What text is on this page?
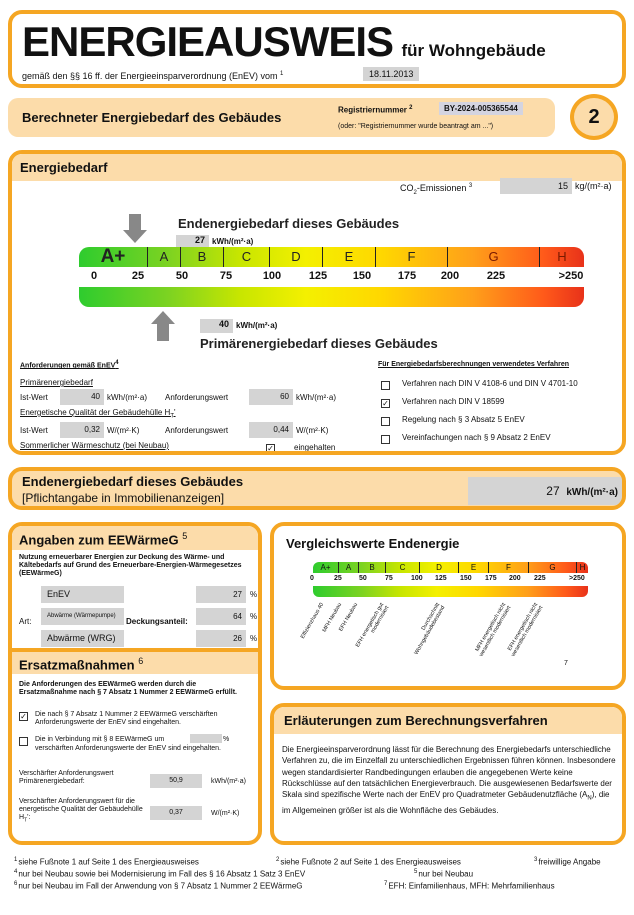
ENERGIEAUSWEIS für Wohngebäude
gemäß den §§ 16 ff. der Energieeinsparverordnung (EnEV) vom $^1$	18.11.2013
Berechneter Energiebedarf des Gebäudes	Registriernummer $^2$	BY-2024-005365544
(oder: "Registriernummer wurde beantragt am ...")	2
Energiebedarf
$CO_2$-Emissionen $^3$	15 kg/(m²·a)
Endenergiebedarf dieses Gebäudes
27 kWh/(m²·a)
A+	A	B	C	D	E	F	G	H
0	25	50	75	100	125 150 175 200	225	>250
40 kWh/(m²·a)
Primärenergiebedarf dieses Gebäudes
Anforderungen gemäß EnEV$^4$
Primärenergiebedarf
Ist-Wert	40 kWh/(m²·a) Anforderungswert	60 kWh/(m²·a)
Energetische Qualität der Gebäudehülle $H_T'$
Ist-Wert	0,32 W/(m²·K)	Anforderungswert	0,44 W/(m²·K)
Sommerlicher Wärmeschutz (bei Neubau)	✓	eingehalten
Für Energiebedarfsberechnungen verwendetes Verfahren
Verfahren nach DIN V 4108-6 und DIN V 4701-10
✓ Verfahren nach DIN V 18599
Regelung nach § 3 Absatz 5 EnEV
Vereinfachungen nach § 9 Absatz 2 EnEV
Endenergiebedarf dieses Gebäudes
[Pflichtangabe in Immobilienanzeigen]	27 kWh/(m²·a)
Angaben zum EEWärmeG $^5$
Nutzung erneuerbarer Energien zur Deckung des Wärme- und Kältebedarfs auf Grund des Erneuerbare-Energien-Wärmegesetzes (EEWärmeG)
Art:	Deckungsanteil:
EnEV	27	%
Abwärme (Wärmepumpe)	64	%
Abwärme (WRG)	26	%
Ersatzmaßnahmen $^6$
Die Anforderungen des EEWärmeG werden durch die Ersatzmaßnahme nach § 7 Absatz 1 Nummer 2 EEWärmeG erfüllt.
✓ Die nach § 7 Absatz 1 Nummer 2 EEWärmeG verschärften Anforderungswerte der EnEV sind eingehalten.
Die in Verbindung mit § 8 EEWärmeG um	%
verschärften Anforderungswerte der EnEV sind eingehalten.
Verschärfter Anforderungswert Primärenergiebedarf:	50,9	kWh/(m²·a)
Verschärfter Anforderungswert für die energetische Qualität der Gebäudehülle $H_T'$:
0,37	W/(m²·K)
Vergleichswerte Endenergie
A+	A	B	C	D	E	F	G	H
0	25 50	75	100 125 150 175 200 225	>250
Effizienzhaus 40
MFH Neubau
EFH Neubau
EFH energetisch gut modernisiert	Durchschnitt Wohngebäudebestand	MFH energetisch nicht wesentlich modernisiert
EFH energetisch nicht wesentlich modernisiert
7
Erläuterungen zum Berechnungsverfahren
Die Energieeinsparverordnung lässt für die Berechnung des Energiebedarfs unterschiedliche Verfahren zu, die im Einzelfall zu unterschiedlichen Ergebnissen führen können. Insbesondere wegen standardisierter Randbedingungen erlauben die angegebenen Werte keine Rückschlüsse auf den tatsächlichen Energieverbrauch. Die ausgewiesenen Bedarfswerte der Skala sind spezifische Werte nach der EnEV pro Quadratmeter Gebäudenutzfläche $(A_N)$, die im Allgemeinen größer ist als die Wohnfläche des Gebäudes.
$^1$siehe Fußnote 1 auf Seite 1 des Energieausweises	$^2$siehe Fußnote 2 auf Seite 1 des Energieausweises	$^3$freiwillige Angabe
$^4$nur bei Neubau sowie bei Modernisierung im Fall des § 16 Absatz 1 Satz 3 EnEV	$^5$nur bei Neubau
$^6$nur bei Neubau im Fall der Anwendung von § 7 Absatz 1 Nummer 2 EEWärmeG	$^7$EFH: Einfamilienhaus, MFH: Mehrfamilienhaus
